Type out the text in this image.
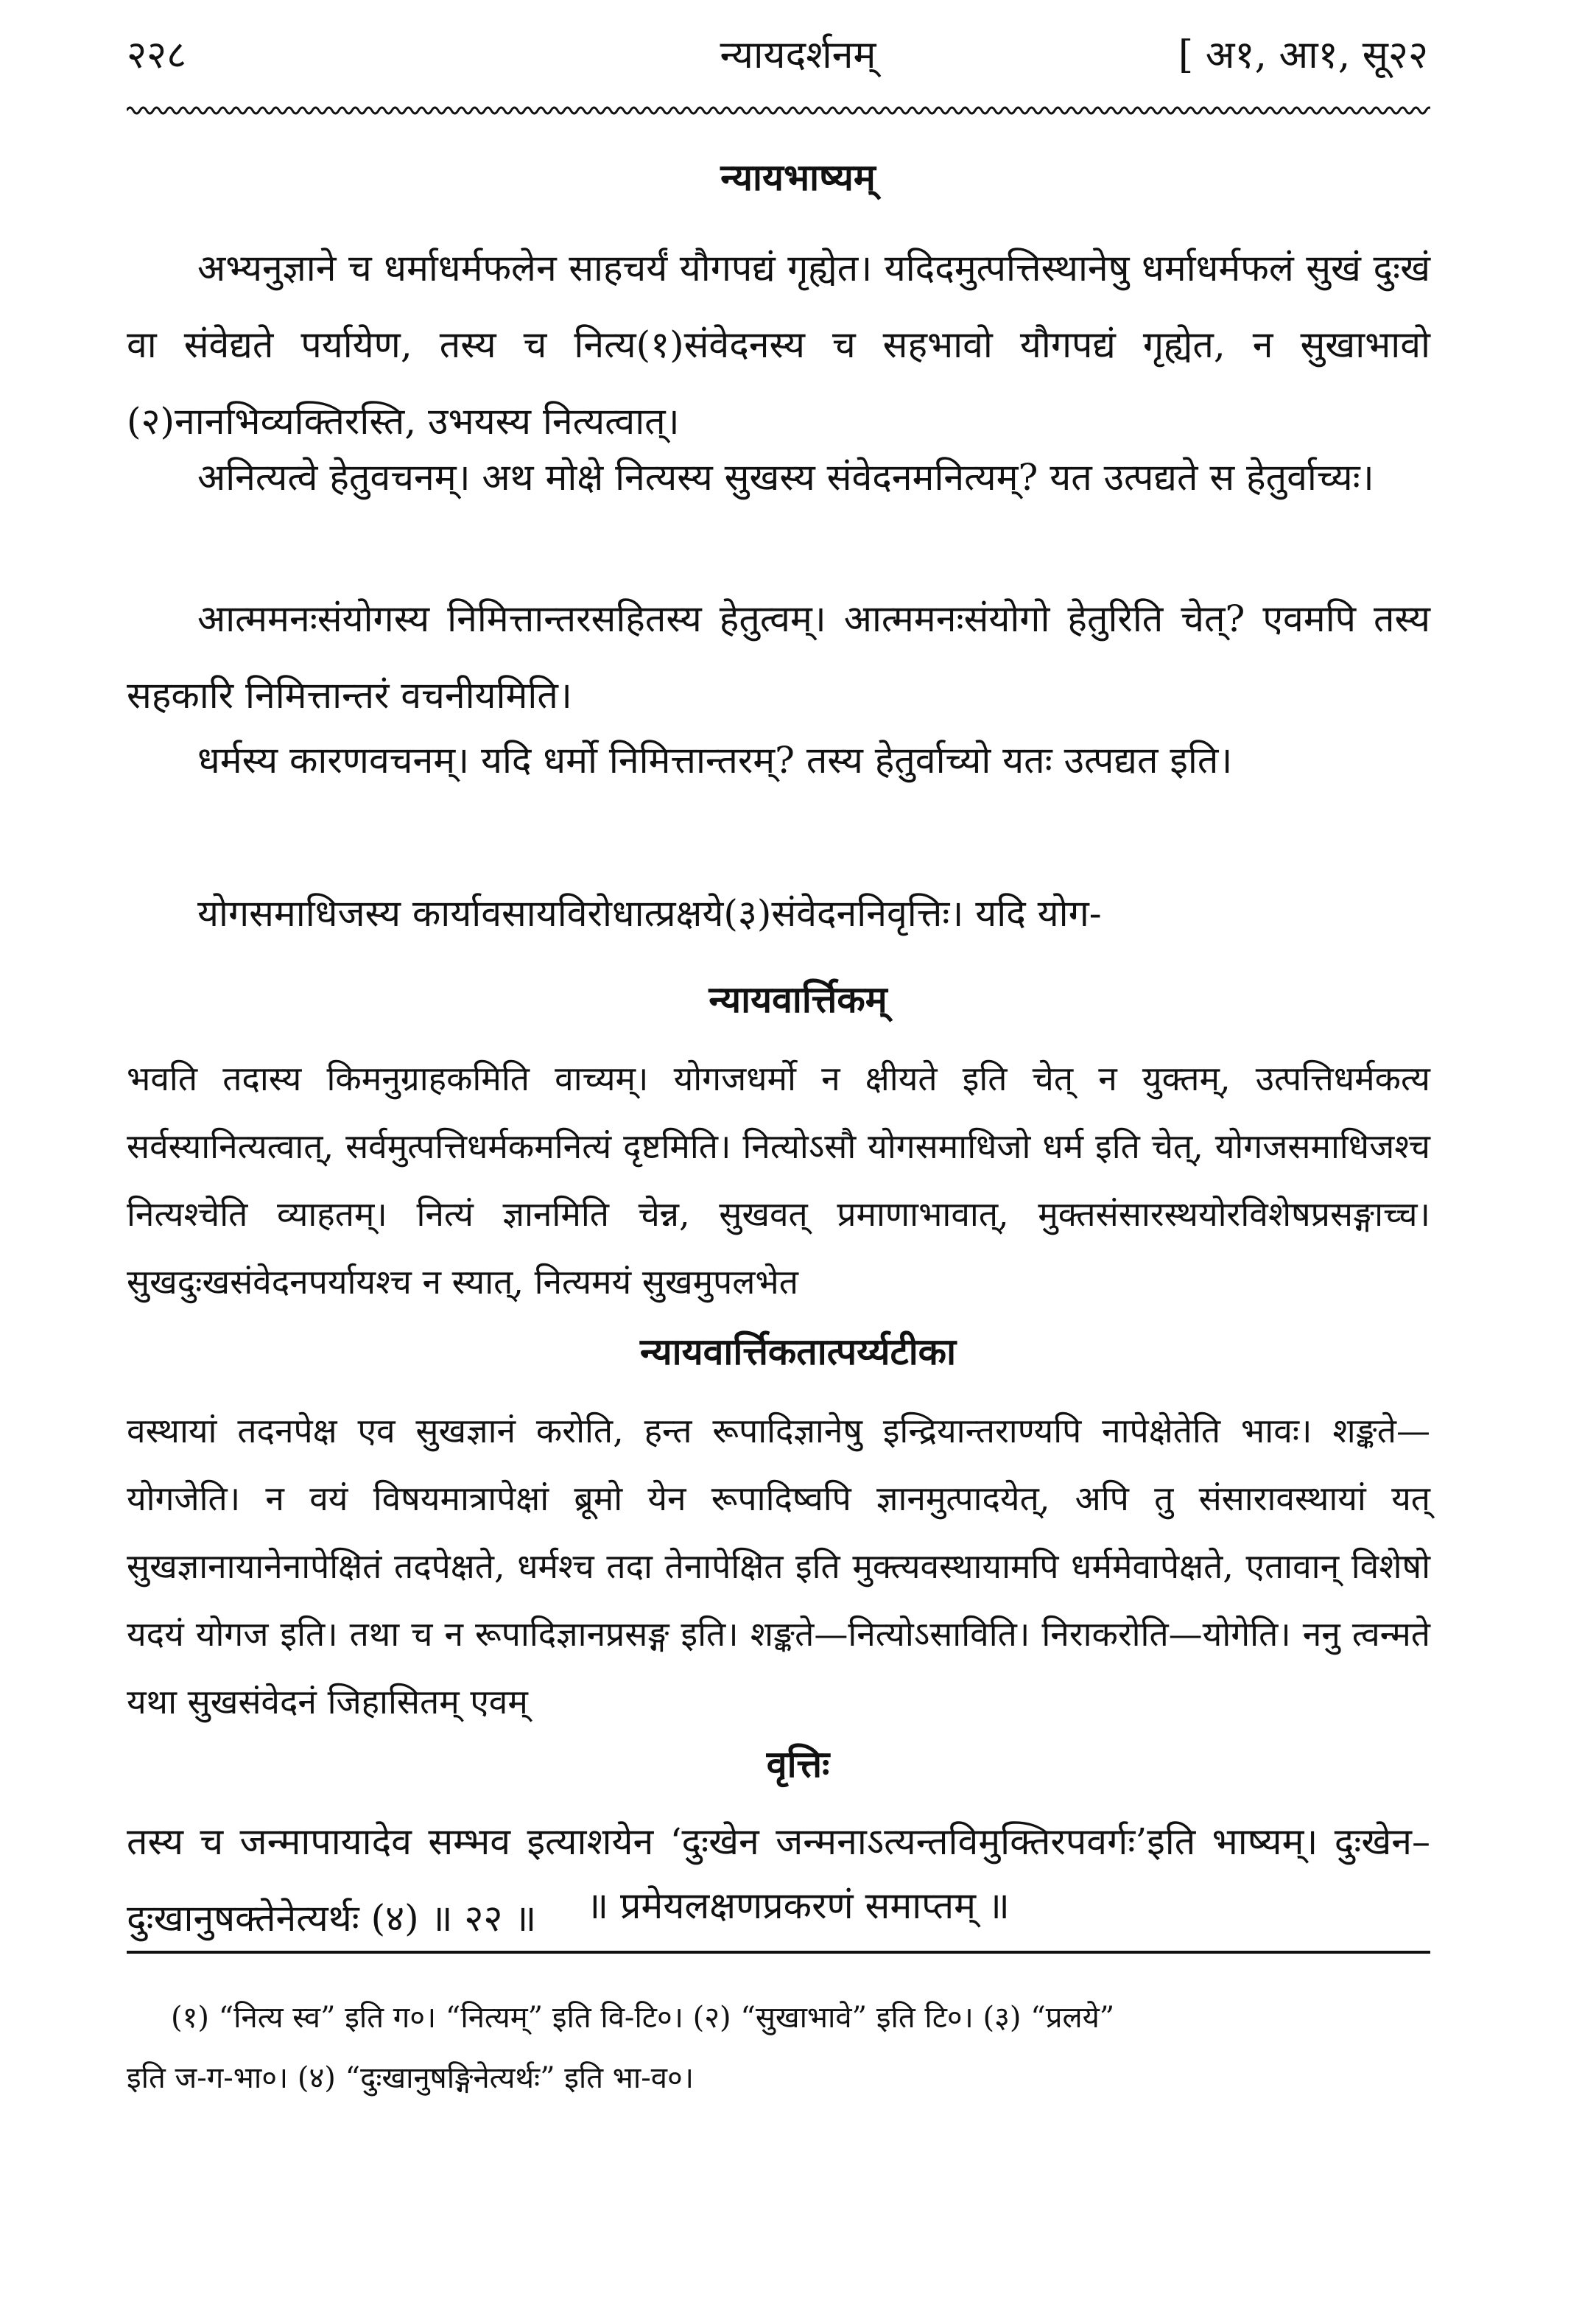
२२८	न्यायदर्शनम्	[ अ१, आ१, सू२२
न्यायभाष्यम्
अभ्यनुज्ञाने च धर्माधर्मफलेन साहचर्यं यौगपद्यं गृह्येत। यदिदमुत्पत्तिस्थानेषु धर्माधर्मफलं सुखं दुःखं वा संवेद्यते पर्यायेण, तस्य च नित्य(१)संवेदनस्य च सहभावो यौगपद्यं गृह्येत, न सुखाभावो (२)नानभिव्यक्तिरस्ति, उभयस्य नित्यत्वात्।
अनित्यत्वे हेतुवचनम्। अथ मोक्षे नित्यस्य सुखस्य संवेदनमनित्यम्? यत उत्पद्यते स हेतुर्वाच्यः।
आत्ममनःसंयोगस्य निमित्तान्तरसहितस्य हेतुत्वम्। आत्ममनःसंयोगो हेतुरिति चेत्? एवमपि तस्य सहकारि निमित्तान्तरं वचनीयमिति।
धर्मस्य कारणवचनम्। यदि धर्मो निमित्तान्तरम्? तस्य हेतुर्वाच्यो यतः उत्पद्यत इति।
योगसमाधिजस्य कार्यावसायविरोधात्प्रक्षये(३)संवेदननिवृत्तिः। यदि योग-
न्यायवार्त्तिकम्
भवति तदास्य किमनुग्राहकमिति वाच्यम्। योगजधर्मो न क्षीयते इति चेत् न युक्तम्, उत्पत्तिधर्मकत्य सर्वस्यानित्यत्वात्, सर्वमुत्पत्तिधर्मकमनित्यं दृष्टमिति। नित्योऽसौ योगसमाधिजो धर्म इति चेत्, योगजसमाधिजश्च नित्यश्चेति व्याहतम्। नित्यं ज्ञानमिति चेन्न, सुखवत् प्रमाणाभावात्, मुक्तसंसारस्थयोरविशेषप्रसङ्गाच्च। सुखदुःखसंवेदनपर्यायश्च न स्यात्, नित्यमयं सुखमुपलभेत
न्यायवार्त्तिकतात्पर्य्यटीका
वस्थायां तदनपेक्ष एव सुखज्ञानं करोति, हन्त रूपादिज्ञानेषु इन्द्रियान्तराण्यपि नापेक्षेतेति भावः। शङ्कते—योगजेति। न वयं विषयमात्रापेक्षां ब्रूमो येन रूपादिष्वपि ज्ञानमुत्पादयेत्, अपि तु संसारावस्थायां यत् सुखज्ञानायानेनापेक्षितं तदपेक्षते, धर्मश्च तदा तेनापेक्षित इति मुक्त्यवस्थायामपि धर्ममेवापेक्षते, एतावान् विशेषो यदयं योगज इति। तथा च न रूपादिज्ञानप्रसङ्ग इति। शङ्कते—नित्योऽसाविति। निराकरोति—योगेति। ननु त्वन्मते यथा सुखसंवेदनं जिहासितम् एवम्
वृत्तिः
तस्य च जन्मापायादेव सम्भव इत्याशयेन ‘दुःखेन जन्मनाऽत्यन्तविमुक्तिरपवर्गः’इति भाष्यम्। दुःखेन–दुःखानुषक्तेनेत्यर्थः (४) ॥ २२ ॥	॥ प्रमेयलक्षणप्रकरणं समाप्तम् ॥
(१) “नित्य स्व” इति ग०। “नित्यम्” इति वि-टि०। (२) “सुखाभावे” इति टि०। (३) “प्रलये”
इति ज-ग-भा०। (४) “दुःखानुषङ्गिनेत्यर्थः” इति भा-व०।
